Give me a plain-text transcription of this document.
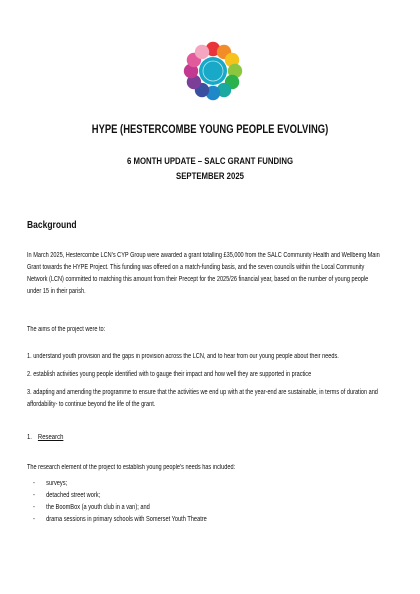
HYPE (HESTERCOMBE YOUNG PEOPLE EVOLVING)
6 MONTH UPDATE – SALC GRANT FUNDING
SEPTEMBER 2025
Background
In March 2025, Hestercombe LCN’s CYP Group were awarded a grant totalling £35,000 from the SALC Community Health and Wellbeing Main
Grant towards the HYPE Project. This funding was offered on a match-funding basis, and the seven councils within the Local Community
Network (LCN) committed to matching this amount from their Precept for the 2025/26 financial year, based on the number of young people
under 15 in their parish.
The aims of the project were to:
1. understand youth provision and the gaps in provision across the LCN, and to hear from our young people about their needs.
2. establish activities young people identified with to gauge their impact and how well they are supported in practice
3. adapting and amending the programme to ensure that the activities we end up with at the year-end are sustainable, in terms of duration and
affordability- to continue beyond the life of the grant.
1. Research
The research element of the project to establish young people’s needs has included:
- surveys;
- detached street work;
- the BoomBox (a youth club in a van); and
- drama sessions in primary schools with Somerset Youth Theatre
